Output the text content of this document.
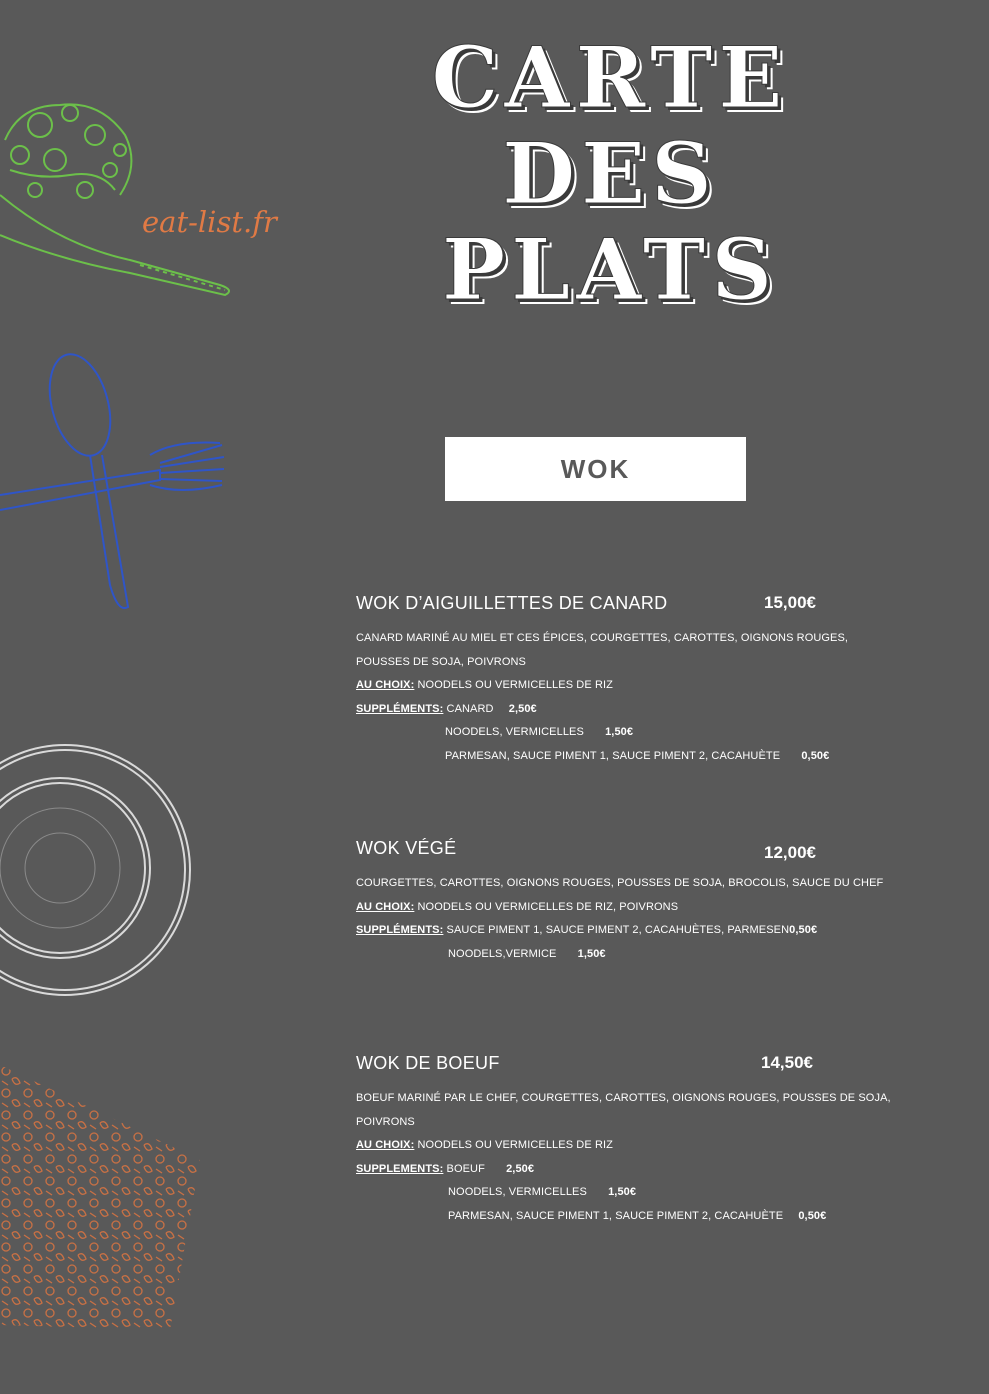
eat-list.fr
CARTE
DES
PLATS
WOK
WOK D’AIGUILLETTES DE CANARD	15,00€
CANARD MARINÉ AU MIEL ET CES ÉPICES, COURGETTES, CAROTTES, OIGNONS ROUGES,
POUSSES DE SOJA, POIVRONS
AU CHOIX: NOODELS OU VERMICELLES DE RIZ
SUPPLÉMENTS: CANARD 2,50€
NOODELS, VERMICELLES 1,50€
PARMESAN, SAUCE PIMENT 1, SAUCE PIMENT 2, CACAHUÈTE 0,50€
WOK VÉGÉ	12,00€
COURGETTES, CAROTTES, OIGNONS ROUGES, POUSSES DE SOJA, BROCOLIS, SAUCE DU CHEF
AU CHOIX: NOODELS OU VERMICELLES DE RIZ, POIVRONS
SUPPLÉMENTS: SAUCE PIMENT 1, SAUCE PIMENT 2, CACAHUÈTES, PARMESEN0,50€
NOODELS,VERMICE 1,50€
WOK DE BOEUF	14,50€
BOEUF MARINÉ PAR LE CHEF, COURGETTES, CAROTTES, OIGNONS ROUGES, POUSSES DE SOJA,
POIVRONS
AU CHOIX: NOODELS OU VERMICELLES DE RIZ
SUPPLEMENTS: BOEUF 2,50€
NOODELS, VERMICELLES 1,50€
PARMESAN, SAUCE PIMENT 1, SAUCE PIMENT 2, CACAHUÈTE 0,50€
